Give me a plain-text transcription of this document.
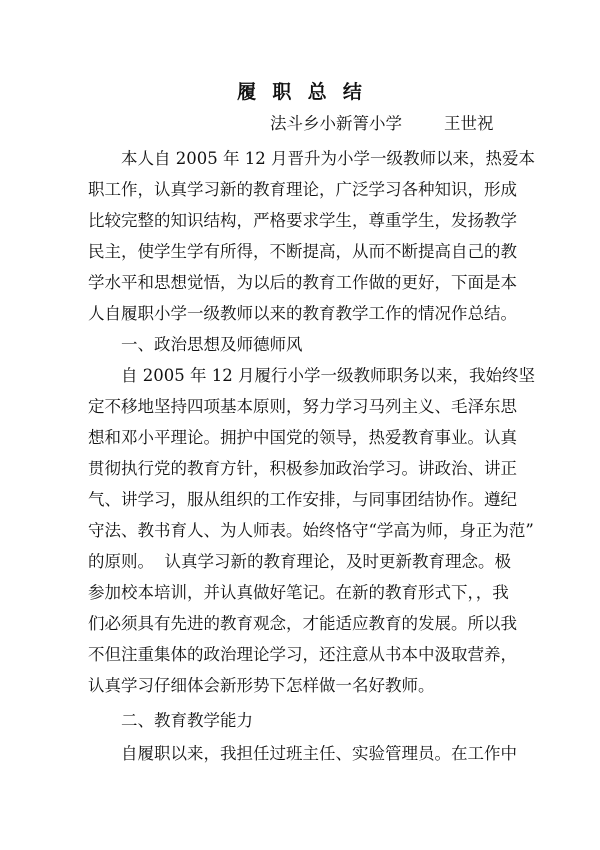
履  职  总  结
法斗乡小新箐小学        王世祝
本人自 2005 年 12 月晋升为小学一级教师以来，热爱本
职工作，认真学习新的教育理论，广泛学习各种知识，形成
比较完整的知识结构，严格要求学生，尊重学生，发扬教学
民主，使学生学有所得，不断提高，从而不断提高自己的教
学水平和思想觉悟，为以后的教育工作做的更好，下面是本
人自履职小学一级教师以来的教育教学工作的情况作总结。
一、政治思想及师德师风
自 2005 年 12 月履行小学一级教师职务以来，我始终坚
定不移地坚持四项基本原则，努力学习马列主义、毛泽东思
想和邓小平理论。拥护中国党的领导，热爱教育事业。认真
贯彻执行党的教育方针，积极参加政治学习。讲政治、讲正
气、讲学习，服从组织的工作安排，与同事团结协作。遵纪
守法、教书育人、为人师表。始终恪守“学高为师，身正为范”
的原则。  认真学习新的教育理论，及时更新教育理念。极
参加校本培训，并认真做好笔记。在新的教育形式下，，我
们必须具有先进的教育观念，才能适应教育的发展。所以我
不但注重集体的政治理论学习，还注意从书本中汲取营养，
认真学习仔细体会新形势下怎样做一名好教师。
二、教育教学能力
自履职以来，我担任过班主任、实验管理员。在工作中
